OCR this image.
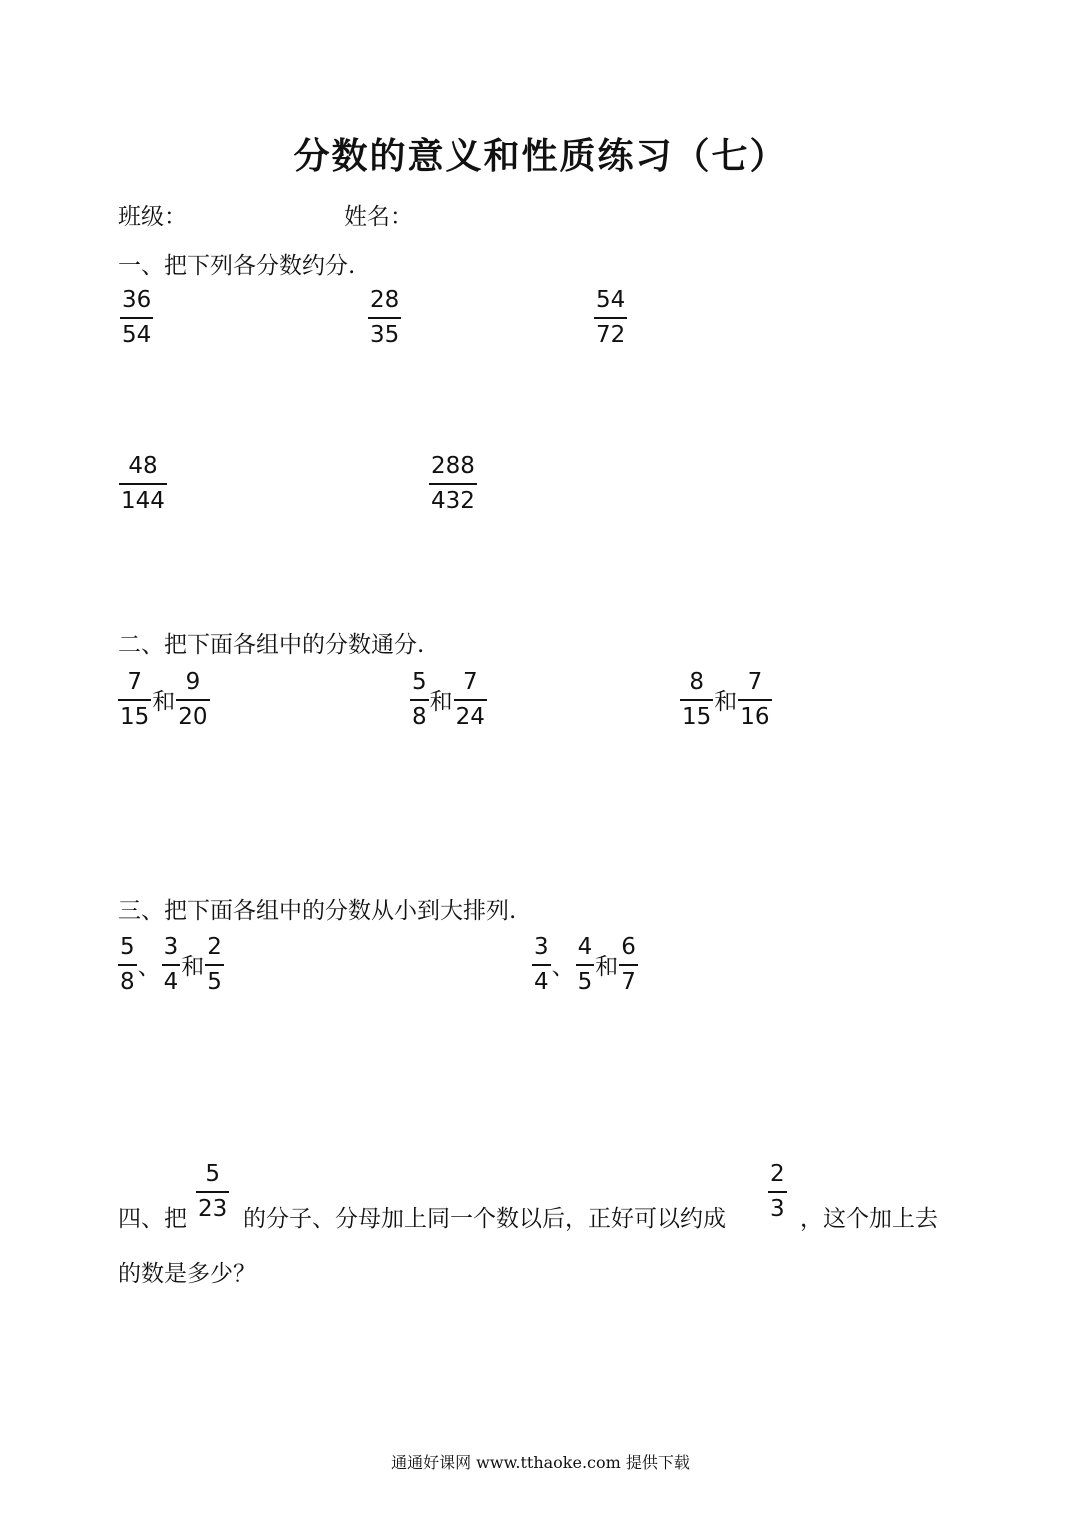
分数的意义和性质练习（七）
班级：	姓名：
一、把下列各分数约分.
36
54
28
35
54
72
48
144
288
432
二、把下面各组中的分数通分.
$\frac{7}{15}$ 和 $\frac{9}{20}$	$\frac{5}{8}$ 和 $\frac{7}{24}$	$\frac{8}{15}$ 和 $\frac{7}{16}$
三、把下面各组中的分数从小到大排列.
$\frac{5}{8}$ 、 $\frac{3}{4}$ 和 $\frac{2}{5}$	$\frac{3}{4}$ 、 $\frac{4}{5}$ 和 $\frac{6}{7}$
四、把
5
23 的分子、分母加上同一个数以后，正好可以约成
2
3 ，这个加上去
的数是多少？
通通好课网 www.tthaoke.com 提供下载
